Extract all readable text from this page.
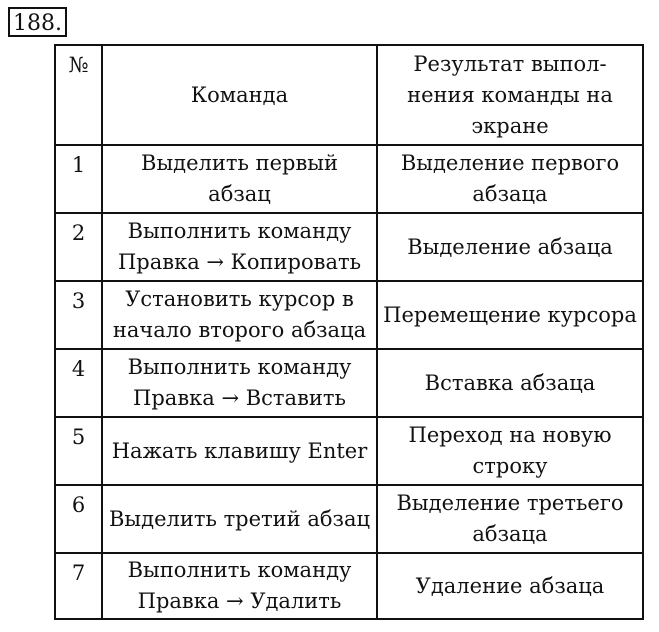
188.
№	Команда	Результат выпол-нения команды на экране
1	Выделить первый абзац	Выделение первого абзаца
2	Выполнить команду Правка → Копировать	Выделение абзаца
3	Установить курсор в начало второго абзаца	Перемещение курсора
4	Выполнить команду Правка → Вставить	Вставка абзаца
5	Нажать клавишу Enter	Переход на новую строку
6	Выделить третий абзац	Выделение третьего абзаца
7	Выполнить команду Правка → Удалить	Удаление абзаца
